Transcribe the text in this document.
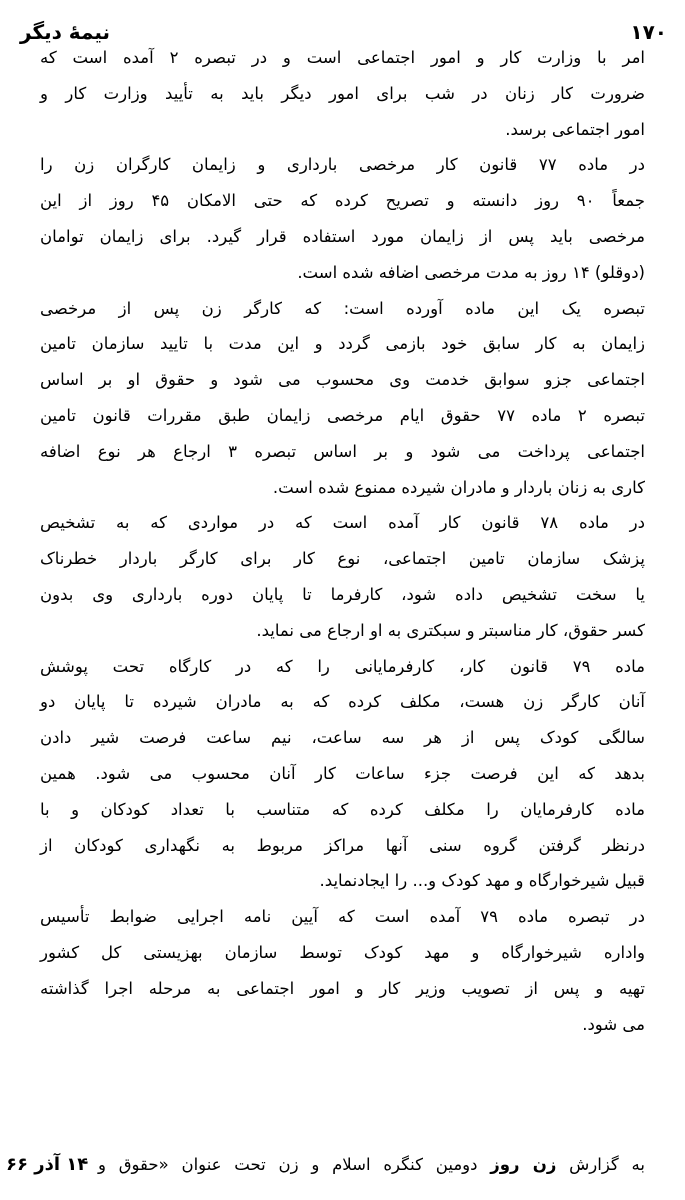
۱۷۰
نیمهٔ دیگر
امر با وزارت کار و امور اجتماعی است و در تبصره ۲ آمده است که
ضرورت کار زنان در شب برای امور دیگر باید به تأیید وزارت کار و
امور اجتماعی برسد.
در ماده ۷۷ قانون کار مرخصی بارداری و زایمان کارگران زن را
جمعاً ۹۰ روز دانسته و تصریح کرده که حتی الامکان ۴۵ روز از این
مرخصی باید پس از زایمان مورد استفاده قرار گیرد. برای زایمان توامان
(دوقلو) ۱۴ روز به مدت مرخصی اضافه شده است.
تبصره یک این ماده آورده است: که کارگر زن پس از مرخصی
زایمان به کار سابق خود بازمی گردد و این مدت با تایید سازمان تامین
اجتماعی جزو سوابق خدمت وی محسوب می شود و حقوق او بر اساس
تبصره ۲ ماده ۷۷ حقوق ایام مرخصی زایمان طبق مقررات قانون تامین
اجتماعی پرداخت می شود و بر اساس تبصره ۳ ارجاع هر نوع اضافه
کاری به زنان باردار و مادران شیرده ممنوع شده است.
در ماده ۷۸ قانون کار آمده است که در مواردی که به تشخیص
پزشک سازمان تامین اجتماعی، نوع کار برای کارگر باردار خطرناک
یا سخت تشخیص داده شود، کارفرما تا پایان دوره بارداری وی بدون
کسر حقوق، کار مناسبتر و سبکتری به او ارجاع می نماید.
ماده ۷۹ قانون کار، کارفرمایانی را که در کارگاه تحت پوشش
آنان کارگر زن هست، مکلف کرده که به مادران شیرده تا پایان دو
سالگی کودک پس از هر سه ساعت، نیم ساعت فرصت شیر دادن
بدهد که این فرصت جزء ساعات کار آنان محسوب می شود. همین
ماده کارفرمایان را مکلف کرده که متناسب با تعداد کودکان و با
درنظر گرفتن گروه سنی آنها مراکز مربوط به نگهداری کودکان از
قبیل شیرخوارگاه و مهد کودک و... را ایجادنماید.
در تبصره ماده ۷۹ آمده است که آیین نامه اجرایی ضوابط تأسیس
واداره شیرخوارگاه و مهد کودک توسط سازمان بهزیستی کل کشور
تهیه و پس از تصویب وزیر کار و امور اجتماعی به مرحله اجرا گذاشته
می شود.
به گزارش زن روز دومین کنگره اسلام و زن تحت عنوان «حقوق و
۱۴ آذر ۶۶
